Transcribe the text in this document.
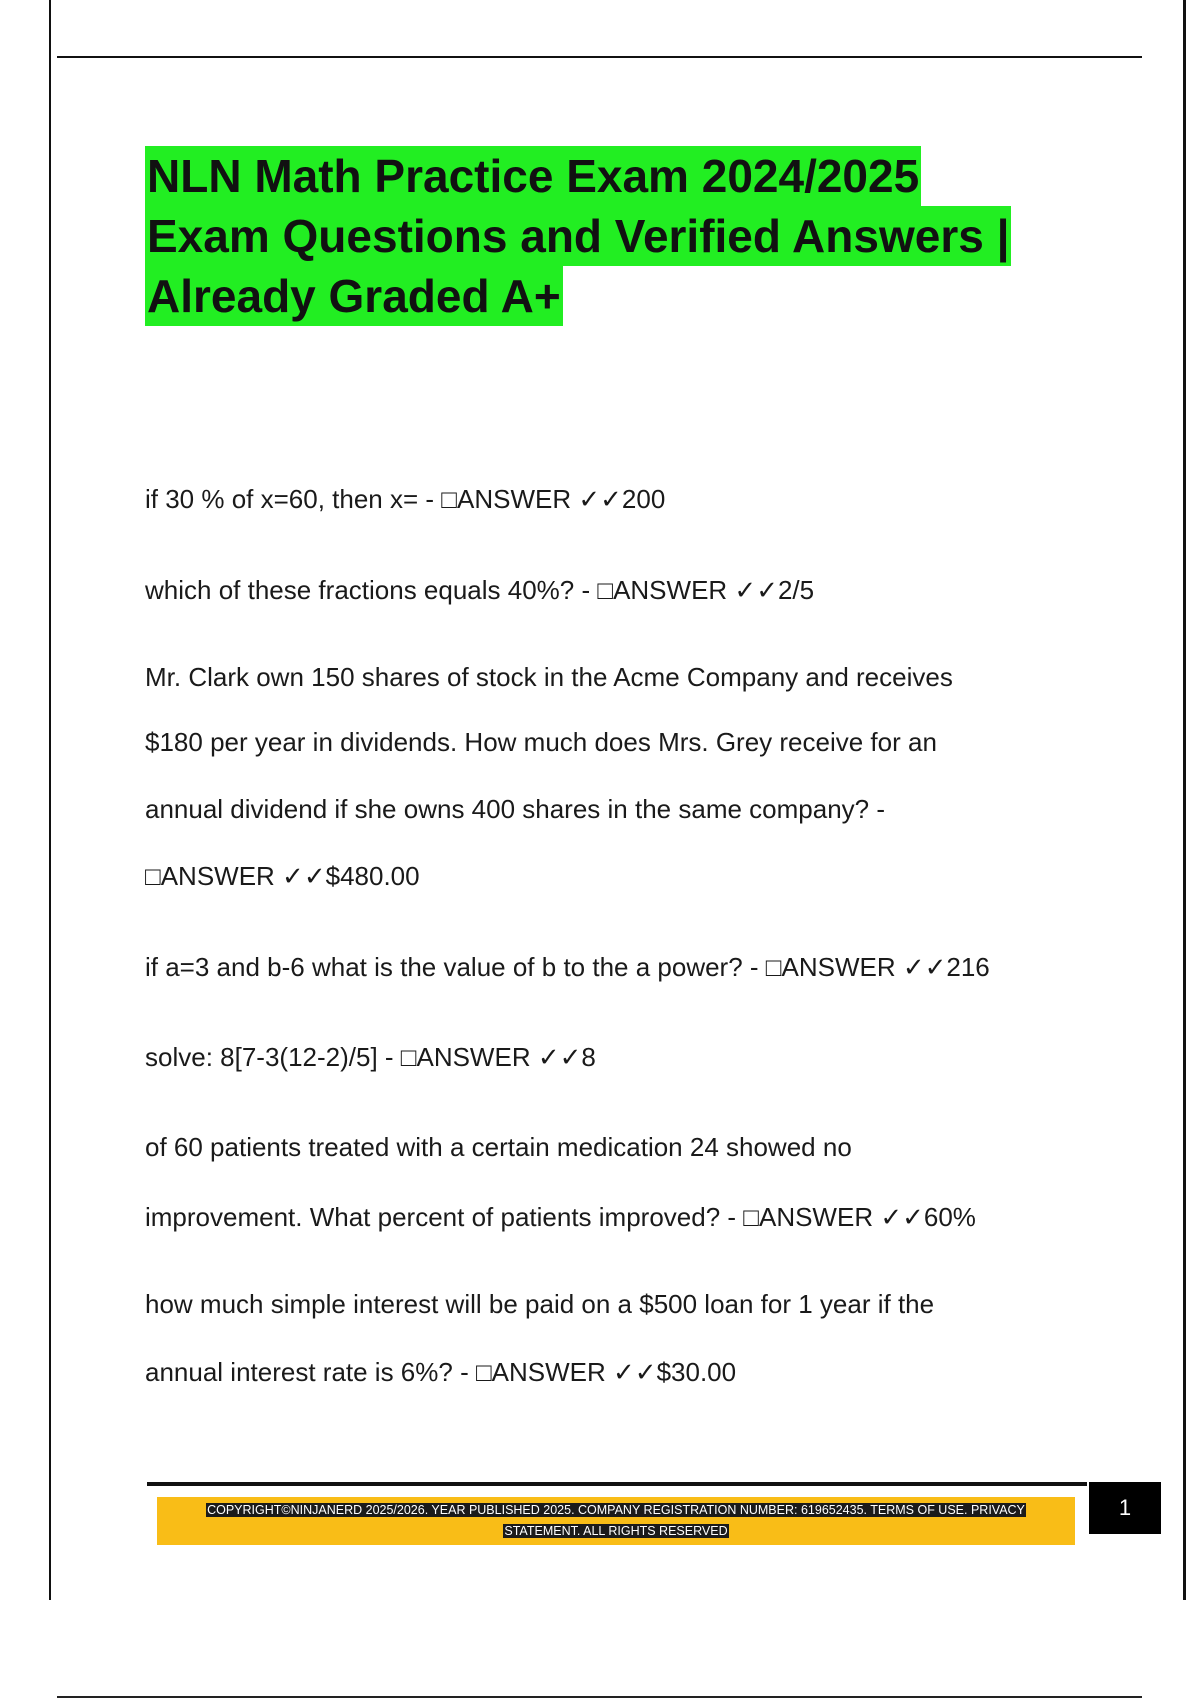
NLN Math Practice Exam 2024/2025
Exam Questions and Verified Answers |
Already Graded A+

if 30 % of x=60, then x= - □ANSWER ✓✓200

which of these fractions equals 40%? - □ANSWER ✓✓2/5

Mr. Clark own 150 shares of stock in the Acme Company and receives

$180 per year in dividends. How much does Mrs. Grey receive for an

annual dividend if she owns 400 shares in the same company? -

□ANSWER ✓✓$480.00

if a=3 and b-6 what is the value of b to the a power? - □ANSWER ✓✓216

solve: 8[7-3(12-2)/5] - □ANSWER ✓✓8

of 60 patients treated with a certain medication 24 showed no

improvement. What percent of patients improved? - □ANSWER ✓✓60%

how much simple interest will be paid on a $500 loan for 1 year if the

annual interest rate is 6%? - □ANSWER ✓✓$30.00

COPYRIGHT©NINJANERD 2025/2026. YEAR PUBLISHED 2025. COMPANY REGISTRATION NUMBER: 619652435. TERMS OF USE. PRIVACY
STATEMENT. ALL RIGHTS RESERVED
1
